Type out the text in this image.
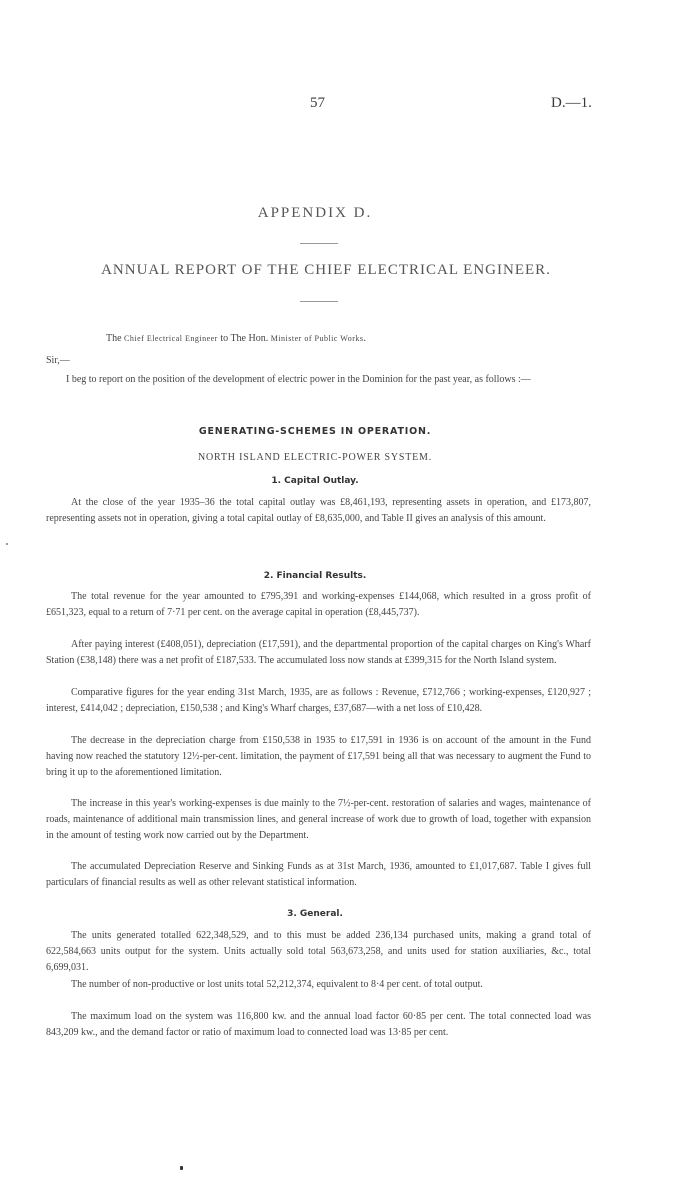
57	D.—1.
APPENDIX D.
ANNUAL REPORT OF THE CHIEF ELECTRICAL ENGINEER.
The Chief Electrical Engineer to The Hon. Minister of Public Works.
Sir,—

I beg to report on the position of the development of electric power in the Dominion for the past year, as follows :—

GENERATING-SCHEMES IN OPERATION.
NORTH ISLAND ELECTRIC-POWER SYSTEM.
1. Capital Outlay.

At the close of the year 1935–36 the total capital outlay was £8,461,193, representing assets in operation, and £173,807, representing assets not in operation, giving a total capital outlay of £8,635,000, and Table II gives an analysis of this amount.

2. Financial Results.

The total revenue for the year amounted to £795,391 and working-expenses £144,068, which resulted in a gross profit of £651,323, equal to a return of 7·71 per cent. on the average capital in operation (£8,445,737).

After paying interest (£408,051), depreciation (£17,591), and the departmental proportion of the capital charges on King's Wharf Station (£38,148) there was a net profit of £187,533. The accumulated loss now stands at £399,315 for the North Island system.

Comparative figures for the year ending 31st March, 1935, are as follows : Revenue, £712,766 ; working-expenses, £120,927 ; interest, £414,042 ; depreciation, £150,538 ; and King's Wharf charges, £37,687—with a net loss of £10,428.

The decrease in the depreciation charge from £150,538 in 1935 to £17,591 in 1936 is on account of the amount in the Fund having now reached the statutory 12½-per-cent. limitation, the payment of £17,591 being all that was necessary to augment the Fund to bring it up to the aforementioned limitation.

The increase in this year's working-expenses is due mainly to the 7½-per-cent. restoration of salaries and wages, maintenance of roads, maintenance of additional main transmission lines, and general increase of work due to growth of load, together with expansion in the amount of testing work now carried out by the Department.

The accumulated Depreciation Reserve and Sinking Funds as at 31st March, 1936, amounted to £1,017,687. Table I gives full particulars of financial results as well as other relevant statistical information.

3. General.

The units generated totalled 622,348,529, and to this must be added 236,134 purchased units, making a grand total of 622,584,663 units output for the system. Units actually sold total 563,673,258, and units used for station auxiliaries, &c., total 6,699,031.

The number of non-productive or lost units total 52,212,374, equivalent to 8·4 per cent. of total output.

The maximum load on the system was 116,800 kw. and the annual load factor 60·85 per cent. The total connected load was 843,209 kw., and the demand factor or ratio of maximum load to connected load was 13·85 per cent.
